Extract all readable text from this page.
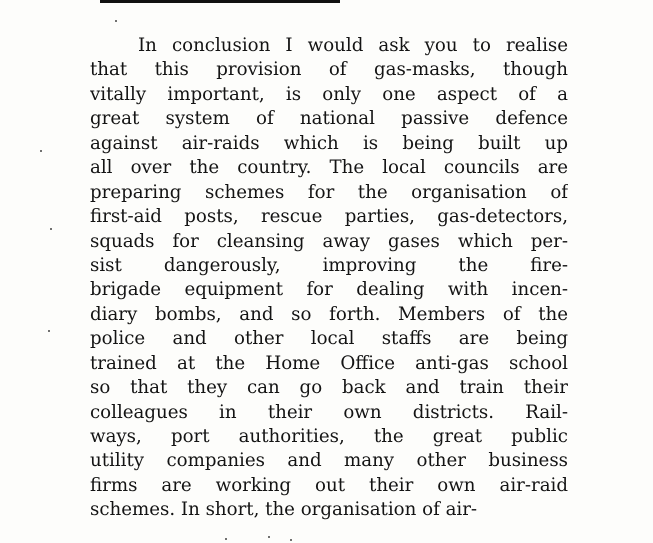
In conclusion I would ask you to realise
that this provision of gas-masks, though
vitally important, is only one aspect of a
great system of national passive defence
against air-raids which is being built up
all over the country. The local councils are
preparing schemes for the organisation of
first-aid posts, rescue parties, gas-detectors,
squads for cleansing away gases which per-
sist dangerously, improving the fire-
brigade equipment for dealing with incen-
diary bombs, and so forth. Members of the
police and other local staffs are being
trained at the Home Office anti-gas school
so that they can go back and train their
colleagues in their own districts. Rail-
ways, port authorities, the great public
utility companies and many other business
firms are working out their own air-raid
schemes. In short, the organisation of air-
